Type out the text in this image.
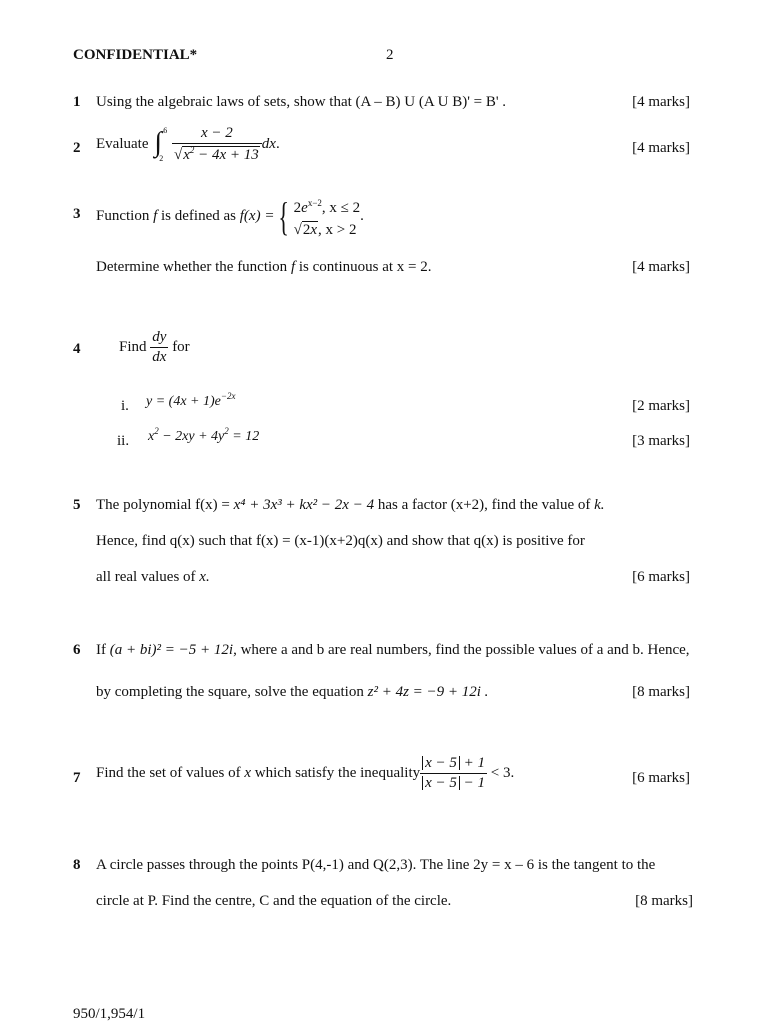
CONFIDENTIAL*	2
1 Using the algebraic laws of sets, show that (A – B) U (A U B)' = B' .	[4 marks]
2 Evaluate ∫ 6
2
$\frac{x - 2}{√x^2 - 4x + 13}$ dx.	[4 marks]
3 Function f is defined as f(x) = { $2e^{x-2}$, x ≤ 2
√2x, x > 2
.
Determine whether the function f is continuous at x = 2.	[4 marks]
4	Find $\frac{dy}{dx}$ for
i. $y = (4x + 1)e^{-2x}$
[2 marks]
ii. $x^2 - 2xy + 4y^2 = 12$	[3 marks]
5 The polynomial f(x) = x⁴ + 3x³ + kx² − 2x − 4 has a factor (x+2), find the value of k.
Hence, find q(x) such that f(x) = (x-1)(x+2)q(x) and show that q(x) is positive for
all real values of x.	[6 marks]
6 If (a + bi)² = −5 + 12i, where a and b are real numbers, find the possible values of a and b. Hence,
by completing the square, solve the equation z² + 4z = −9 + 12i .	[8 marks]
7 Find the set of values of x which satisfy the inequality $\frac{x - 5 + 1}{x - 5 - 1} < 3$.	[6 marks]
8 A circle passes through the points P(4,-1) and Q(2,3). The line 2y = x – 6 is the tangent to the
circle at P. Find the centre, C and the equation of the circle.	[8 marks]
950/1,954/1
